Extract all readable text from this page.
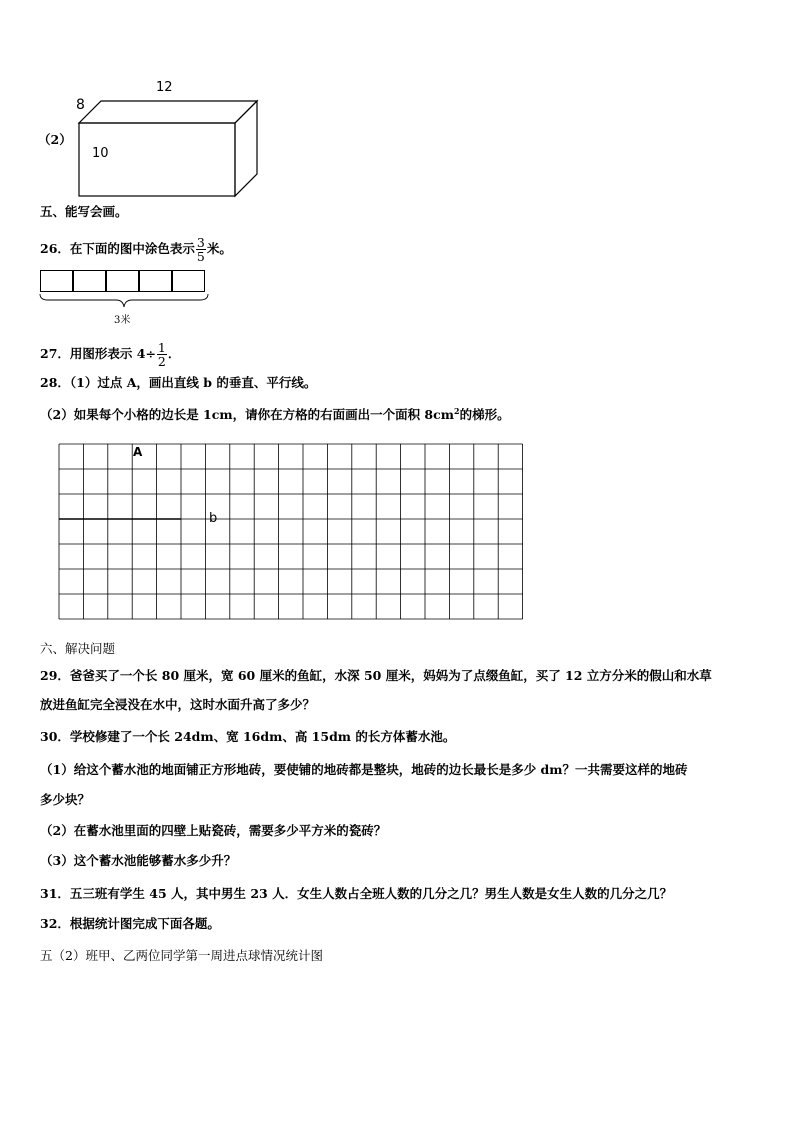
12
8
10
（2）
五、能写会画。
26．在下面的图中涂色表示 $\frac{3}{5}$ 米。
3米
27．用图形表示 $4\div \frac{1}{2}$ ．
28．（1）过点 A，画出直线 b 的垂直、平行线。
（2）如果每个小格的边长是 1cm，请你在方格的右面画出一个面积 $8cm^2$的梯形。
A
b
六、解决问题
29．爸爸买了一个长 80 厘米，宽 60 厘米的鱼缸，水深 50 厘米，妈妈为了点缀鱼缸，买了 12 立方分米的假山和水草
放进鱼缸完全浸没在水中，这时水面升高了多少？
30．学校修建了一个长 24dm、宽 16dm、高 15dm 的长方体蓄水池。
（1）给这个蓄水池的地面铺正方形地砖，要使铺的地砖都是整块，地砖的边长最长是多少 dm？一共需要这样的地砖
多少块？
（2）在蓄水池里面的四壁上贴瓷砖，需要多少平方米的瓷砖？
（3）这个蓄水池能够蓄水多少升？
31．五三班有学生 45 人，其中男生 23 人．女生人数占全班人数的几分之几？男生人数是女生人数的几分之几？
32．根据统计图完成下面各题。
五（2）班甲、乙两位同学第一周进点球情况统计图
